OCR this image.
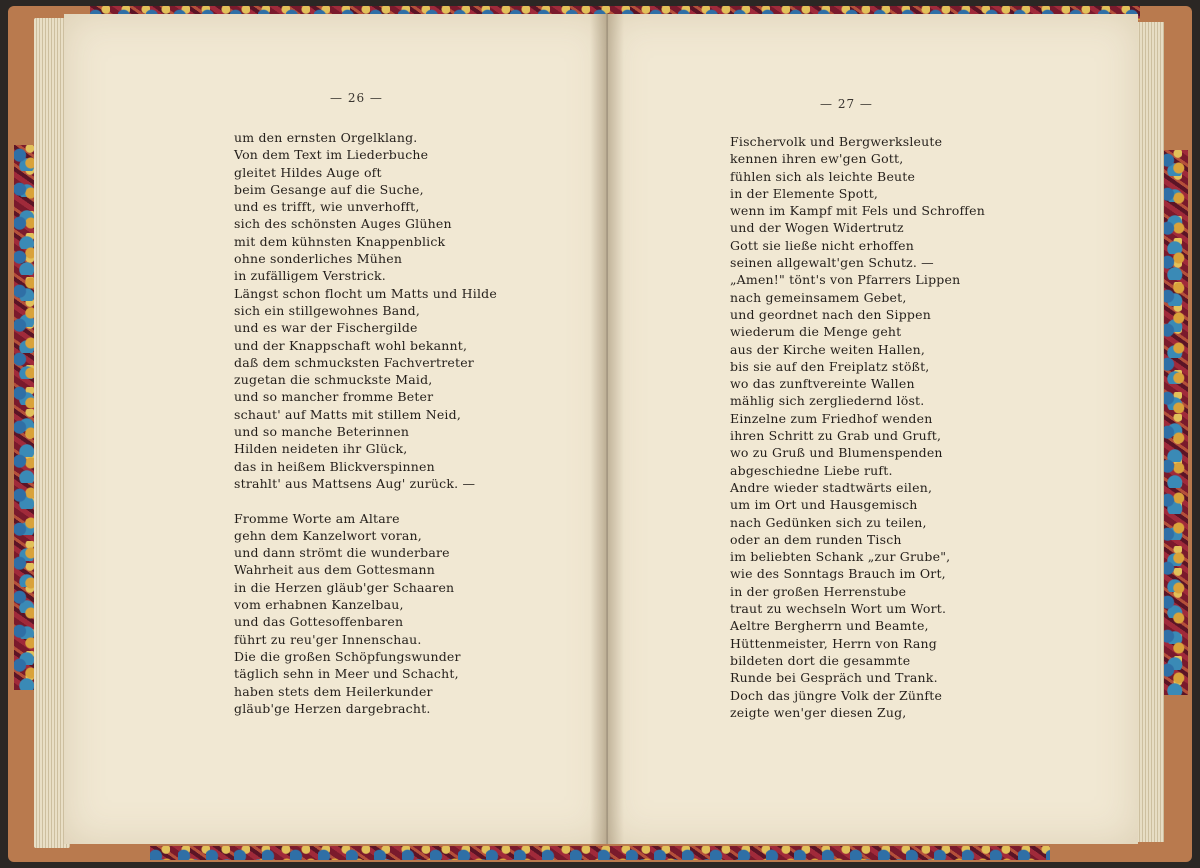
— 26 —	— 27 —
um den ernsten Orgelklang.
Von dem Text im Liederbuche
gleitet Hildes Auge oft
beim Gesange auf die Suche,
und es trifft, wie unverhofft,
sich des schönsten Auges Glühen
mit dem kühnsten Knappenblick
ohne sonderliches Mühen
in zufälligem Verstrick.
Längst schon flocht um Matts und Hilde
sich ein stillgewohnes Band,
und es war der Fischergilde
und der Knappschaft wohl bekannt,
daß dem schmucksten Fachvertreter
zugetan die schmuckste Maid,
und so mancher fromme Beter
schaut' auf Matts mit stillem Neid,
und so manche Beterinnen
Hilden neideten ihr Glück,
das in heißem Blickverspinnen
strahlt' aus Mattsens Aug' zurück. —
Fromme Worte am Altare
gehn dem Kanzelwort voran,
und dann strömt die wunderbare
Wahrheit aus dem Gottesmann
in die Herzen gläub'ger Schaaren
vom erhabnen Kanzelbau,
und das Gottesoffenbaren
führt zu reu'ger Innenschau.
Die die großen Schöpfungswunder
täglich sehn in Meer und Schacht,
haben stets dem Heilerkunder
gläub'ge Herzen dargebracht.
Fischervolk und Bergwerksleute
kennen ihren ew'gen Gott,
fühlen sich als leichte Beute
in der Elemente Spott,
wenn im Kampf mit Fels und Schroffen
und der Wogen Widertrutz
Gott sie ließe nicht erhoffen
seinen allgewalt'gen Schutz. —
„Amen!" tönt's von Pfarrers Lippen
nach gemeinsamem Gebet,
und geordnet nach den Sippen
wiederum die Menge geht
aus der Kirche weiten Hallen,
bis sie auf den Freiplatz stößt,
wo das zunftvereinte Wallen
mählig sich zergliedernd löst.
Einzelne zum Friedhof wenden
ihren Schritt zu Grab und Gruft,
wo zu Gruß und Blumenspenden
abgeschiedne Liebe ruft.
Andre wieder stadtwärts eilen,
um im Ort und Hausgemisch
nach Gedünken sich zu teilen,
oder an dem runden Tisch
im beliebten Schank „zur Grube",
wie des Sonntags Brauch im Ort,
in der großen Herrenstube
traut zu wechseln Wort um Wort.
Aeltre Bergherrn und Beamte,
Hüttenmeister, Herrn von Rang
bildeten dort die gesammte
Runde bei Gespräch und Trank.
Doch das jüngre Volk der Zünfte
zeigte wen'ger diesen Zug,
